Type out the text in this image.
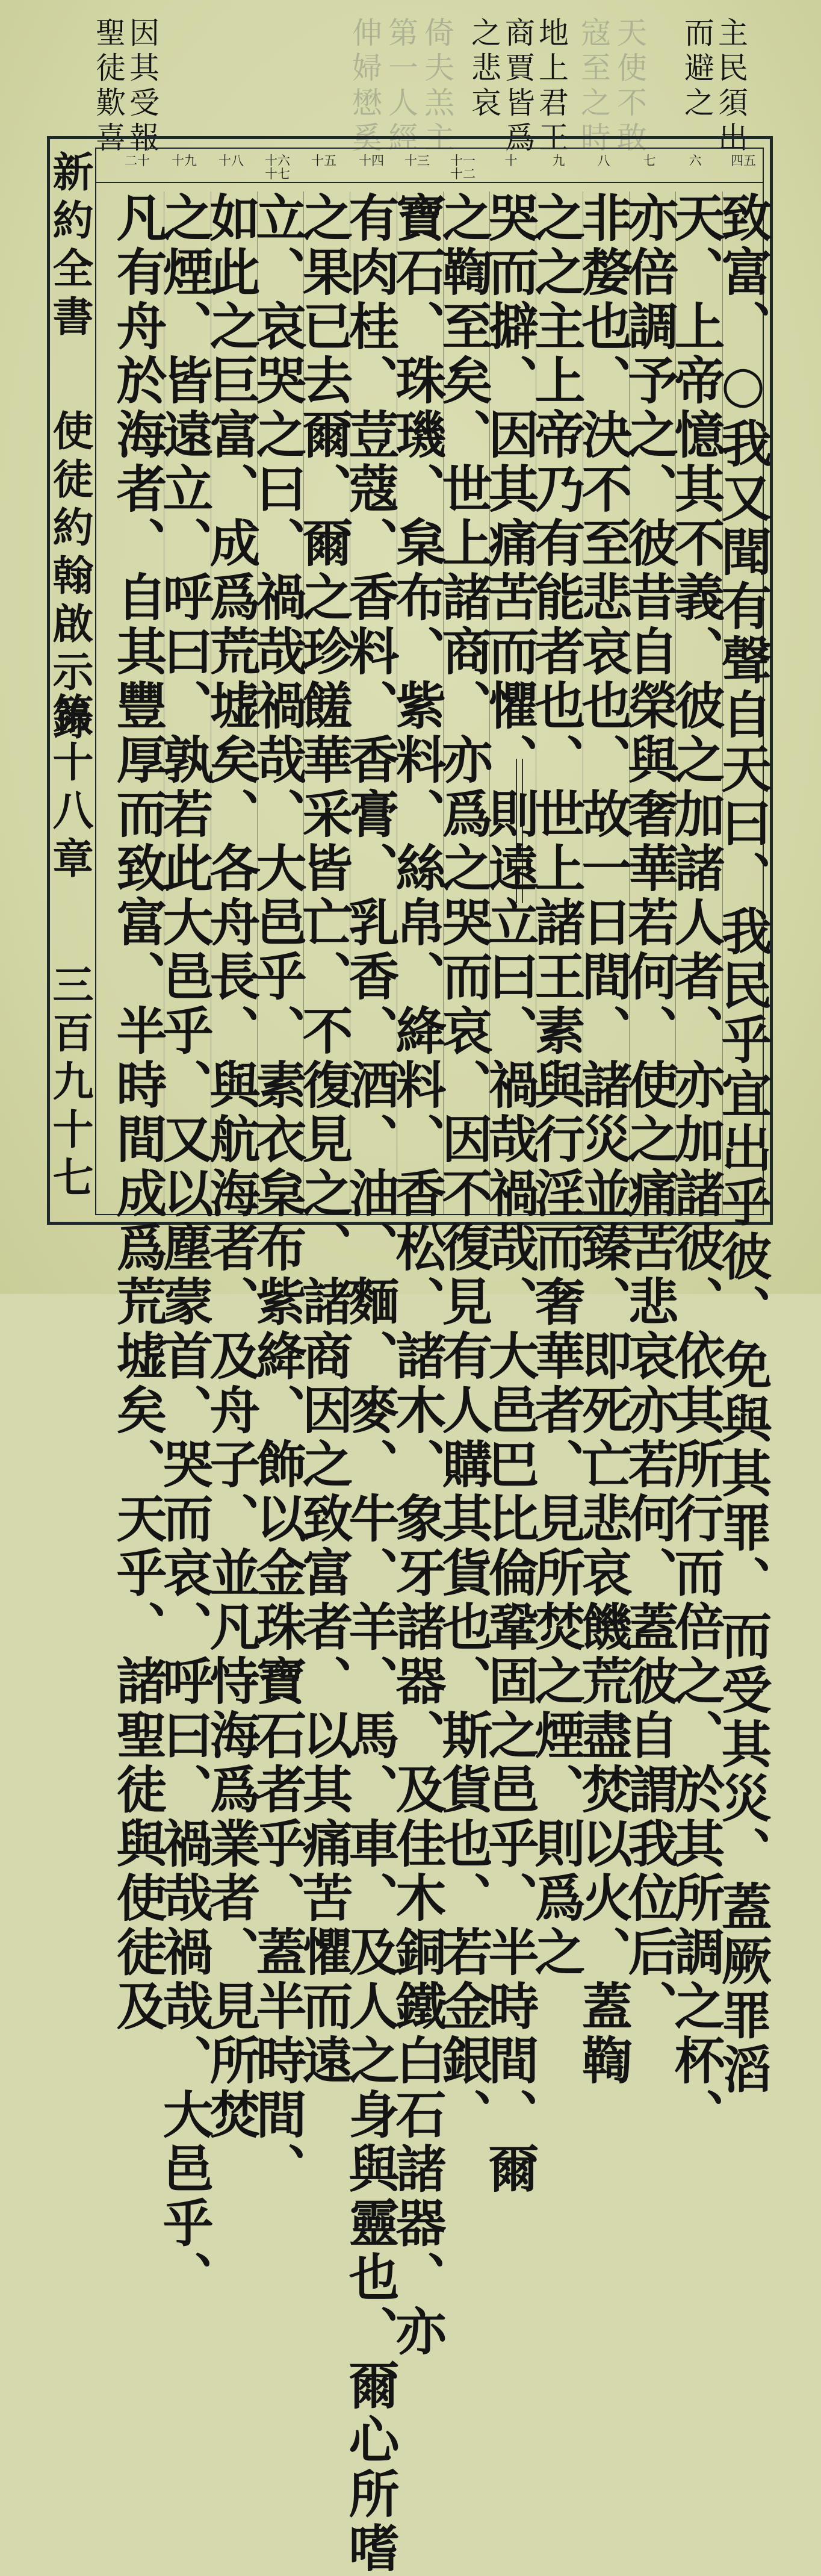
天使不敢
寇至之時
倚夫羔主
第一人經
伸婦懋奚	主民須出
而避之
地上君王
商賈皆爲
之悲哀
因其受報
聖徒歎喜
新約全書
使徒約翰啟示錄
第十八章
三百九十七
四五
六
七
八
九
十
十一十二
十三
十四
十五
十六十七
十八
十九
二十
致富、○我又聞有聲自天曰、我民乎宜出乎彼、免與其罪、而受其災、蓋厥罪滔
天、上帝憶其不義、彼之加諸人者、亦加諸彼、依其所行而倍之、於其所調之杯、
亦倍調予之、彼昔自榮與奢華若何、使之痛苦悲哀亦若何、蓋彼自謂我位后、
非嫠也、決不至悲哀也、故一日間、諸災並臻、即死亡悲哀饑荒盡焚以火、蓋鞫
之之主上帝乃有能者也、世上諸王素與行淫而奢華者、見所焚之煙、則爲之
哭而擗、因其痛苦而懼、則遠立曰、禍哉禍哉、大邑巴比倫鞏固之邑乎、半時間、爾
之鞫至矣、世上諸商、亦爲之哭而哀、因不復見有人購其貨也、斯貨也、若金銀、
寶石、珠璣、枲布、紫料、絲帛、絳料、香松、諸木、象牙諸器、及佳木銅鐵白石諸器、亦
有肉桂、荳蔻、香料、香膏、乳香、酒、油、麵、麥、牛、羊、馬、車、及人之身與靈也、爾心所嗜
之果已去爾、爾之珍饈華采皆亡、不復見之、諸商因之致富者、以其痛苦懼而遠
立、哀哭之曰、禍哉禍哉、大邑乎、素衣枲布紫絳、飾以金珠寶石者乎、蓋半時間、
如此之巨富、成爲荒墟矣、各舟長、與航海者、及舟子、並凡恃海爲業者、見所焚
之煙、皆遠立、呼曰、孰若此大邑乎、又以塵蒙首、哭而哀、呼曰、禍哉禍哉、大邑乎、
凡有舟於海者、自其豐厚而致富、半時間成爲荒墟矣、天乎、諸聖徒與使徒及
